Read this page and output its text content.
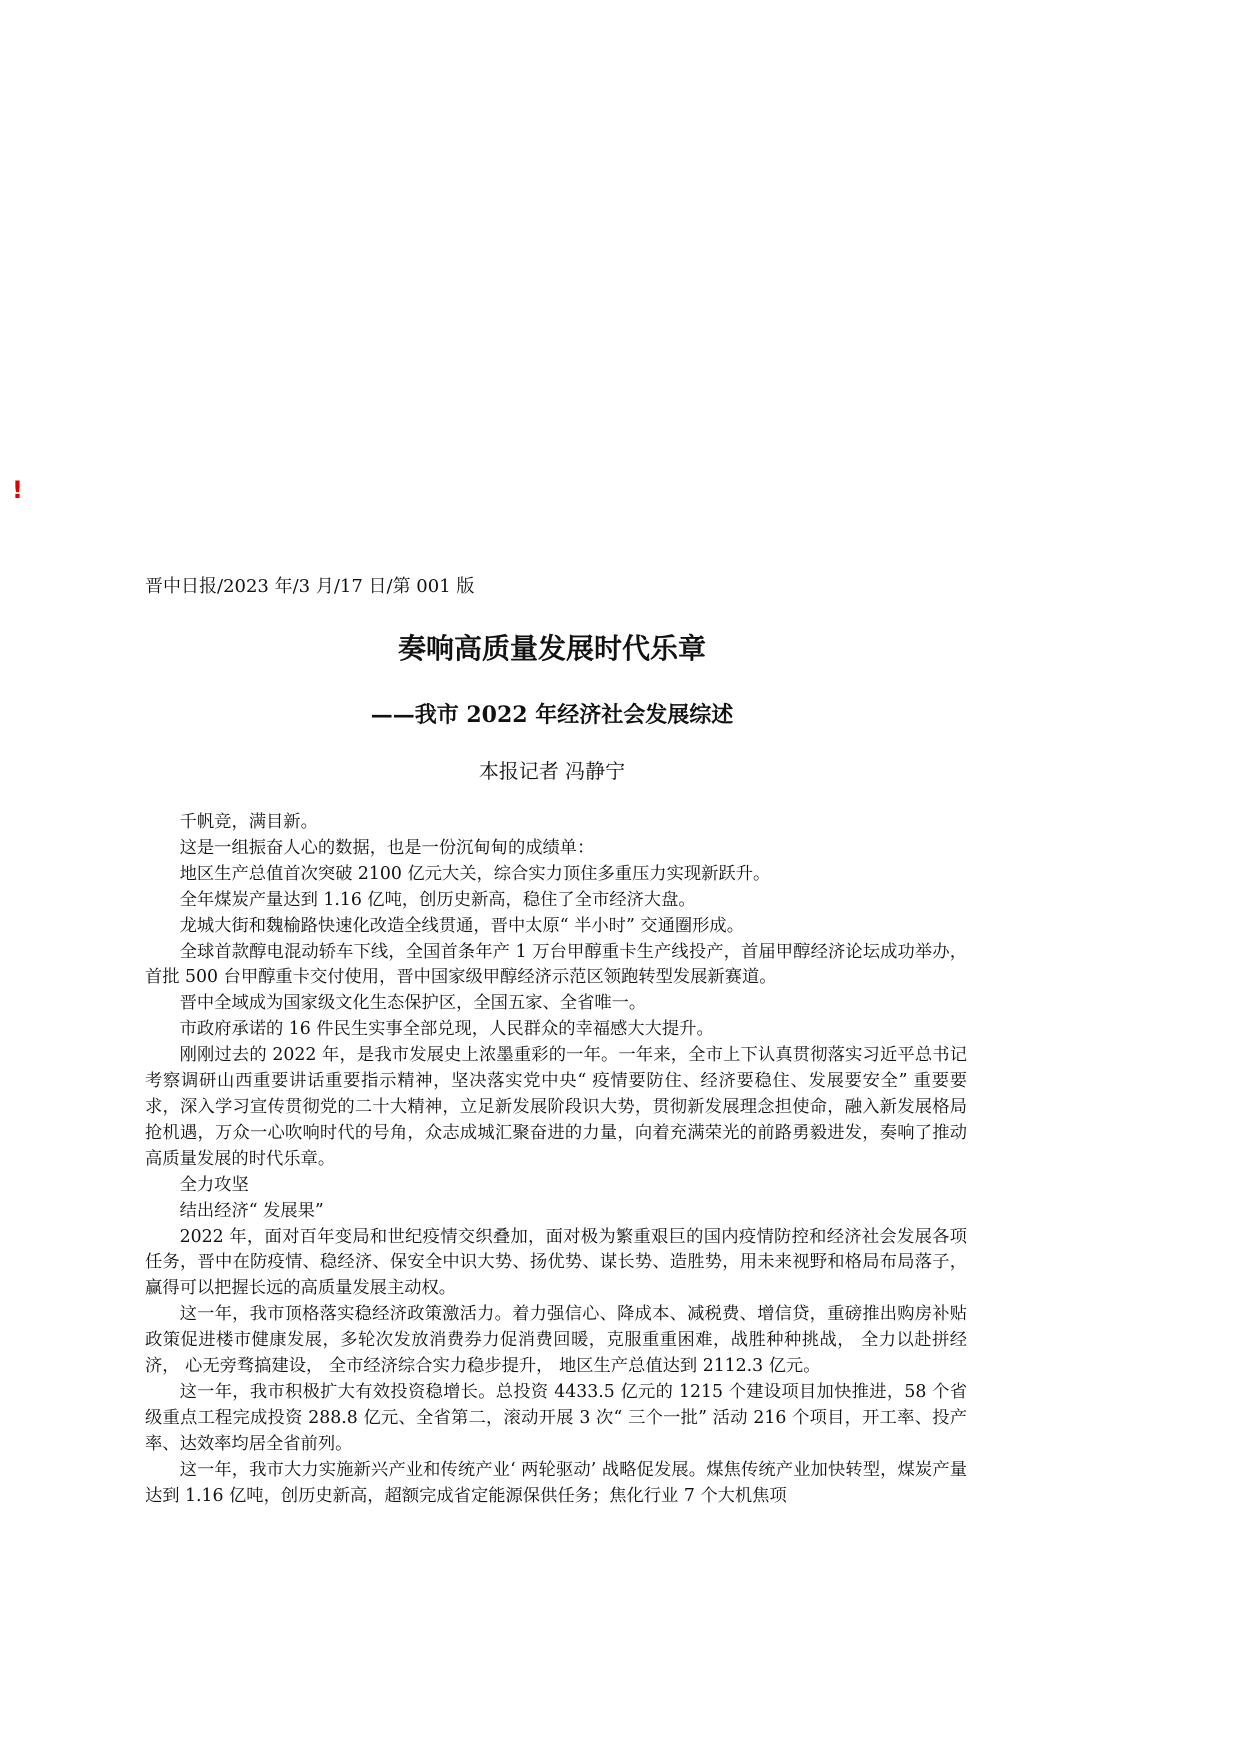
!
晋中日报/2023 年/3 月/17 日/第 001 版
奏响高质量发展时代乐章
——我市 2022 年经济社会发展综述
本报记者 冯静宁

千帆竞，满目新。

这是一组振奋人心的数据，也是一份沉甸甸的成绩单：

地区生产总值首次突破 2100 亿元大关，综合实力顶住多重压力实现新跃升。

全年煤炭产量达到 1.16 亿吨，创历史新高，稳住了全市经济大盘。

龙城大街和魏榆路快速化改造全线贯通，晋中太原“ 半小时” 交通圈形成。

全球首款醇电混动轿车下线，全国首条年产 1 万台甲醇重卡生产线投产，首届甲醇经济论坛成功举办，首批 500 台甲醇重卡交付使用，晋中国家级甲醇经济示范区领跑转型发展新赛道。

晋中全域成为国家级文化生态保护区，全国五家、全省唯一。

市政府承诺的 16 件民生实事全部兑现，人民群众的幸福感大大提升。

刚刚过去的 2022 年，是我市发展史上浓墨重彩的一年。一年来，全市上下认真贯彻落实习近平总书记考察调研山西重要讲话重要指示精神，坚决落实党中央“ 疫情要防住、经济要稳住、发展要安全” 重要要求，深入学习宣传贯彻党的二十大精神，立足新发展阶段识大势，贯彻新发展理念担使命，融入新发展格局抢机遇，万众一心吹响时代的号角，众志成城汇聚奋进的力量，向着充满荣光的前路勇毅进发，奏响了推动高质量发展的时代乐章。

全力攻坚

结出经济“ 发展果”

2022 年，面对百年变局和世纪疫情交织叠加，面对极为繁重艰巨的国内疫情防控和经济社会发展各项任务，晋中在防疫情、稳经济、保安全中识大势、扬优势、谋长势、造胜势，用未来视野和格局布局落子，赢得可以把握长远的高质量发展主动权。

这一年，我市顶格落实稳经济政策激活力。着力强信心、降成本、减税费、增信贷，重磅推出购房补贴政策促进楼市健康发展，多轮次发放消费券力促消费回暖，克服重重困难，战胜种种挑战， 全力以赴拼经济， 心无旁骛搞建设， 全市经济综合实力稳步提升， 地区生产总值达到 2112.3 亿元。

这一年，我市积极扩大有效投资稳增长。总投资 4433.5 亿元的 1215 个建设项目加快推进，58 个省级重点工程完成投资 288.8 亿元、全省第二，滚动开展 3 次“ 三个一批” 活动 216 个项目，开工率、投产率、达效率均居全省前列。

这一年，我市大力实施新兴产业和传统产业‘ 两轮驱动’ 战略促发展。煤焦传统产业加快转型，煤炭产量达到 1.16 亿吨，创历史新高，超额完成省定能源保供任务；焦化行业 7 个大机焦项
